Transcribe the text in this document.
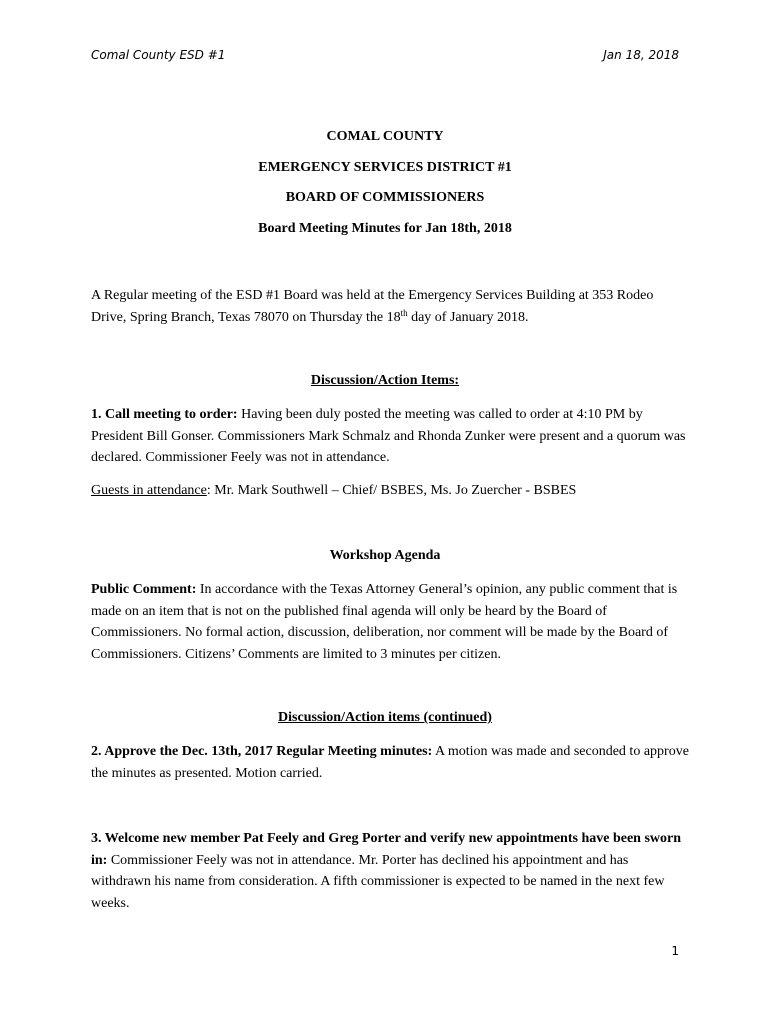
Comal County ESD #1	Jan 18, 2018
COMAL COUNTY
EMERGENCY SERVICES DISTRICT #1
BOARD OF COMMISSIONERS
Board Meeting Minutes for Jan 18th, 2018
A Regular meeting of the ESD #1 Board was held at the Emergency Services Building at 353 Rodeo Drive, Spring Branch, Texas 78070 on Thursday the 18th day of January 2018.
Discussion/Action Items:
1. Call meeting to order: Having been duly posted the meeting was called to order at 4:10 PM by President Bill Gonser. Commissioners Mark Schmalz and Rhonda Zunker were present and a quorum was declared. Commissioner Feely was not in attendance.
Guests in attendance: Mr. Mark Southwell – Chief/ BSBES, Ms. Jo Zuercher - BSBES
Workshop Agenda
Public Comment: In accordance with the Texas Attorney General’s opinion, any public comment that is made on an item that is not on the published final agenda will only be heard by the Board of Commissioners. No formal action, discussion, deliberation, nor comment will be made by the Board of Commissioners. Citizens’ Comments are limited to 3 minutes per citizen.
Discussion/Action items (continued)
2. Approve the Dec. 13th, 2017 Regular Meeting minutes: A motion was made and seconded to approve the minutes as presented. Motion carried.
3. Welcome new member Pat Feely and Greg Porter and verify new appointments have been sworn in: Commissioner Feely was not in attendance. Mr. Porter has declined his appointment and has withdrawn his name from consideration. A fifth commissioner is expected to be named in the next few weeks.
1
